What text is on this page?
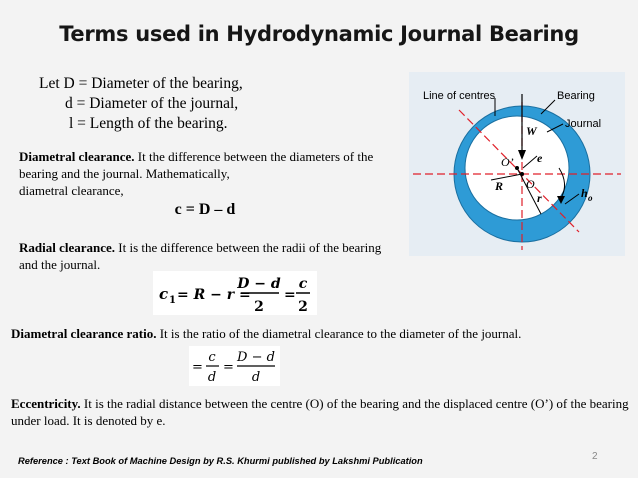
Terms used in Hydrodynamic Journal Bearing
Let D = Diameter of the bearing,
d = Diameter of the journal,
l = Length of the bearing.
Diametral clearance. It the difference between the diameters of the bearing and the journal. Mathematically,
diametral clearance,
c = D – d
Radial clearance. It is the difference between the radii of the bearing and the journal.
c 1 = R − r =
D − d
2
=
c
2
Diametral clearance ratio. It is the ratio of the diametral clearance to the diameter of the journal.
=
c
d
=
D − d
d
Eccentricity. It is the radial distance between the centre (O) of the bearing and the displaced centre (O’) of the bearing under load. It is denoted by e.
Line of centres	Bearing
Journal
W
O’
O
e
R
r	h o
Reference : Text Book of Machine Design by R.S. Khurmi published by Lakshmi Publication	2
